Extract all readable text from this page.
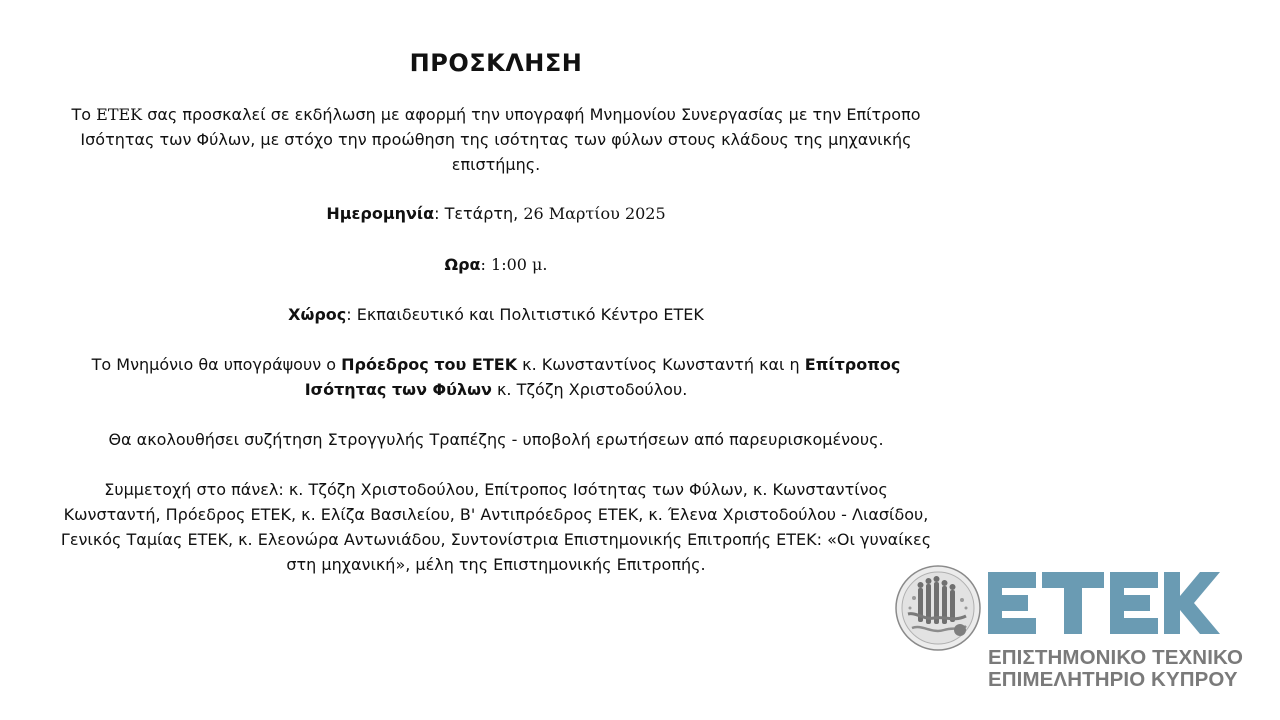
ΠΡΟΣΚΛΗΣΗ

Το ΕΤΕΚ σας προσκαλεί σε εκδήλωση με αφορμή την υπογραφή Μνημονίου Συνεργασίας με την Επίτροπο Ισότητας των Φύλων, με στόχο την προώθηση της ισότητας των φύλων στους κλάδους της μηχανικής επιστήμης.

Ημερομηνία: Τετάρτη, 26 Μαρτίου 2025

Ωρα: 1:00 μ.

Χώρος: Εκπαιδευτικό και Πολιτιστικό Κέντρο ΕΤΕΚ

Το Μνημόνιο θα υπογράψουν ο Πρόεδρος του ΕΤΕΚ κ. Κωνσταντίνος Κωνσταντή και η Επίτροπος Ισότητας των Φύλων κ. Τζόζη Χριστοδούλου.

Θα ακολουθήσει συζήτηση Στρογγυλής Τραπέζης - υποβολή ερωτήσεων από παρευρισκομένους.

Συμμετοχή στο πάνελ: κ. Τζόζη Χριστοδούλου, Επίτροπος Ισότητας των Φύλων, κ. Κωνσταντίνος Κωνσταντή, Πρόεδρος ΕΤΕΚ, κ. Ελίζα Βασιλείου, Β' Αντιπρόεδρος ΕΤΕΚ, κ. Έλενα Χριστοδούλου - Λιασίδου, Γενικός Ταμίας ΕΤΕΚ, κ. Ελεονώρα Αντωνιάδου, Συντονίστρια Επιστημονικής Επιτροπής ΕΤΕΚ: «Οι γυναίκες στη μηχανική», μέλη της Επιστημονικής Επιτροπής.

ΕΠΙΣΤΗΜΟΝΙΚΟ ΤΕΧΝΙΚΟ
ΕΠΙΜΕΛΗΤΗΡΙΟ ΚΥΠΡΟΥ
